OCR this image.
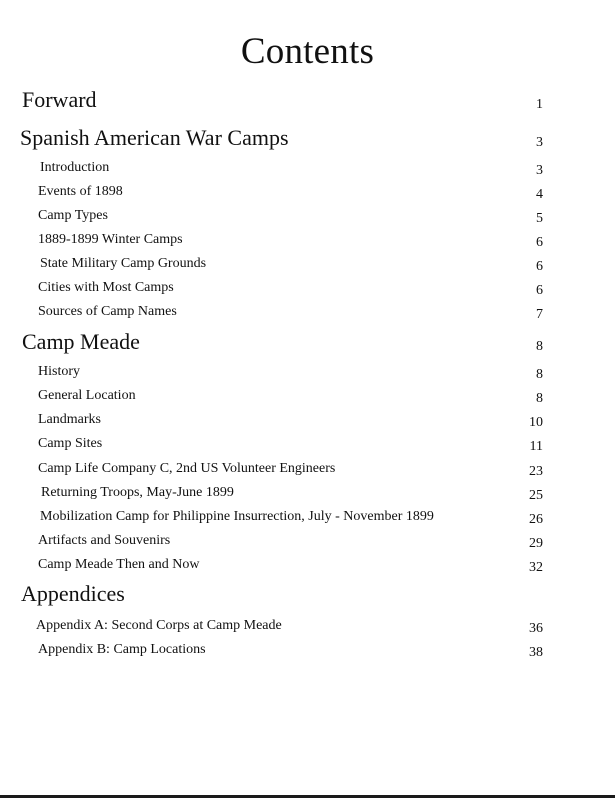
Contents
Forward	1
Spanish American War Camps	3
Introduction	3
Events of 1898	4
Camp Types	5
1889-1899 Winter Camps	6
State Military Camp Grounds	6
Cities with Most Camps	6
Sources of Camp Names	7
Camp Meade	8
History	8
General Location	8
Landmarks	10
Camp Sites	11
Camp Life Company C, 2nd US Volunteer Engineers	23
Returning Troops, May-June 1899	25
Mobilization Camp for Philippine Insurrection, July - November 1899	26
Artifacts and Souvenirs	29
Camp Meade Then and Now	32
Appendices
Appendix A: Second Corps at Camp Meade	36
Appendix B: Camp Locations	38
